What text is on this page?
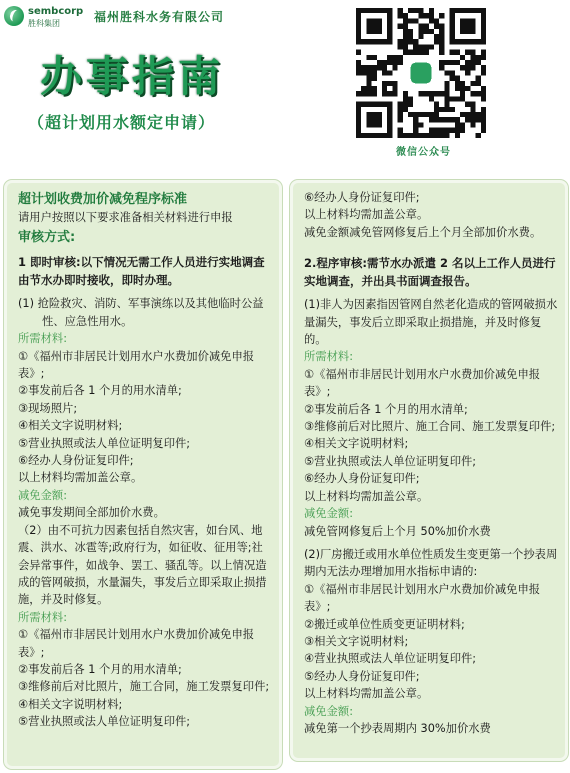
sembcorp
胜科集团	福州胜科水务有限公司
办事指南
（超计划用水额定申请）
微信公众号

超计划收费加价减免程序标准

请用户按照以下要求准备相关材料进行申报

审核方式:

1 即时审核:以下情况无需工作人员进行实地调查由节水办即时接收，即时办理。

(1) 抢险救灾、消防、军事演练以及其他临时公益性、应急性用水。

所需材料:

①《福州市非居民计划用水户水费加价减免申报表》;

②事发前后各 1 个月的用水清单;

③现场照片;

④相关文字说明材料;

⑤营业执照或法人单位证明复印件;

⑥经办人身份证复印件;

以上材料均需加盖公章。

减免金额:

减免事发期间全部加价水费。

（2）由不可抗力因素包括自然灾害，如台风、地震、洪水、冰雹等;政府行为，如征收、征用等;社会异常事件，如战争、罢工、骚乱等。以上情况造成的管网破损，水量漏失，事发后立即采取止损措施，并及时修复。

所需材料:

①《福州市非居民计划用水户水费加价减免申报表》;

②事发前后各 1 个月的用水清单;

③维修前后对比照片，施工合同，施工发票复印件;

④相关文字说明材料;

⑤营业执照或法人单位证明复印件;

⑥经办人身份证复印件;

以上材料均需加盖公章。

减免金额减免管网修复后上个月全部加价水费。

2.程序审核:需节水办派遣 2 名以上工作人员进行实地调查，并出具书面调查报告。

(1)非人为因素指因管网自然老化造成的管网破损水量漏失，事发后立即采取止损措施，并及时修复的。

所需材料:

①《福州市非居民计划用水户水费加价减免申报表》;

②事发前后各 1 个月的用水清单;

③维修前后对比照片、施工合同、施工发票复印件;

④相关文字说明材料;

⑤营业执照或法人单位证明复印件;

⑥经办人身份证复印件;

以上材料均需加盖公章。

减免金额:

减免管网修复后上个月 50%加价水费

(2)厂房搬迁或用水单位性质发生变更第一个抄表周期内无法办理增加用水指标申请的:

①《福州市非居民计划用水户水费加价减免申报表》;

②搬迁或单位性质变更证明材料;

③相关文字说明材料;

④营业执照或法人单位证明复印件;

⑤经办人身份证复印件;

以上材料均需加盖公章。

减免金额:

减免第一个抄表周期内 30%加价水费
